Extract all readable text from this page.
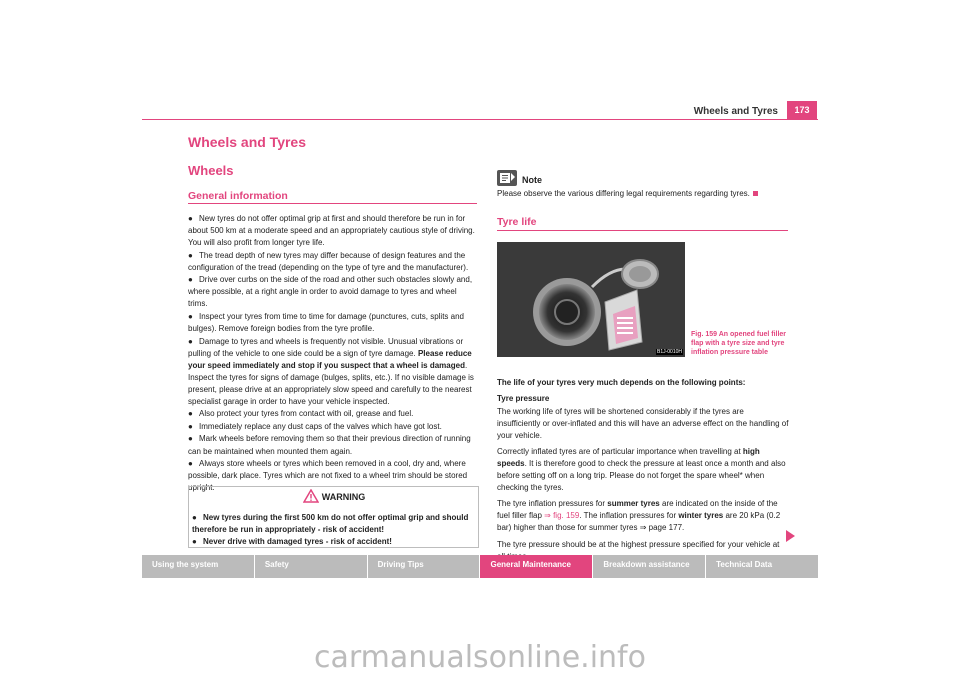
Wheels and Tyres	173
Wheels and Tyres
Wheels
General information

● New tyres do not offer optimal grip at first and should therefore be run in for about 500 km at a moderate speed and an appropriately cautious style of driving. You will also profit from longer tyre life.

● The tread depth of new tyres may differ because of design features and the configuration of the tread (depending on the type of tyre and the manufacturer).

● Drive over curbs on the side of the road and other such obstacles slowly and, where possible, at a right angle in order to avoid damage to tyres and wheel trims.

● Inspect your tyres from time to time for damage (punctures, cuts, splits and bulges). Remove foreign bodies from the tyre profile.

● Damage to tyres and wheels is frequently not visible. Unusual vibrations or pulling of the vehicle to one side could be a sign of tyre damage. Please reduce your speed immediately and stop if you suspect that a wheel is damaged. Inspect the tyres for signs of damage (bulges, splits, etc.). If no visible damage is present, please drive at an appropriately slow speed and carefully to the nearest specialist garage in order to have your vehicle inspected.

● Also protect your tyres from contact with oil, grease and fuel.

● Immediately replace any dust caps of the valves which have got lost.

● Mark wheels before removing them so that their previous direction of running can be maintained when mounted them again.

● Always store wheels or tyres which been removed in a cool, dry and, where possible, dark place. Tyres which are not fixed to a wheel trim should be stored upright.

WARNING
● New tyres during the first 500 km do not offer optimal grip and should therefore be run in appropriately - risk of accident!
● Never drive with damaged tyres - risk of accident!
Note
Please observe the various differing legal requirements regarding tyres.
Tyre life
B1J-0010H
Fig. 159 An opened fuel filler flap with a tyre size and tyre inflation pressure table

The life of your tyres very much depends on the following points:

Tyre pressure

The working life of tyres will be shortened considerably if the tyres are insufficiently or over-inflated and this will have an adverse effect on the handling of your vehicle.

Correctly inflated tyres are of particular importance when travelling at high speeds. It is therefore good to check the pressure at least once a month and also before setting off on a long trip. Please do not forget the spare wheel* when checking the tyres.

The tyre inflation pressures for summer tyres are indicated on the inside of the fuel filler flap ⇒ fig. 159. The inflation pressures for winter tyres are 20 kPa (0.2 bar) higher than those for summer tyres ⇒ page 177.

The tyre pressure should be at the highest pressure specified for your vehicle at

Using the system	Safety	Driving Tips	General Maintenance	Breakdown assistance	Technical Data
carmanualsonline.info
